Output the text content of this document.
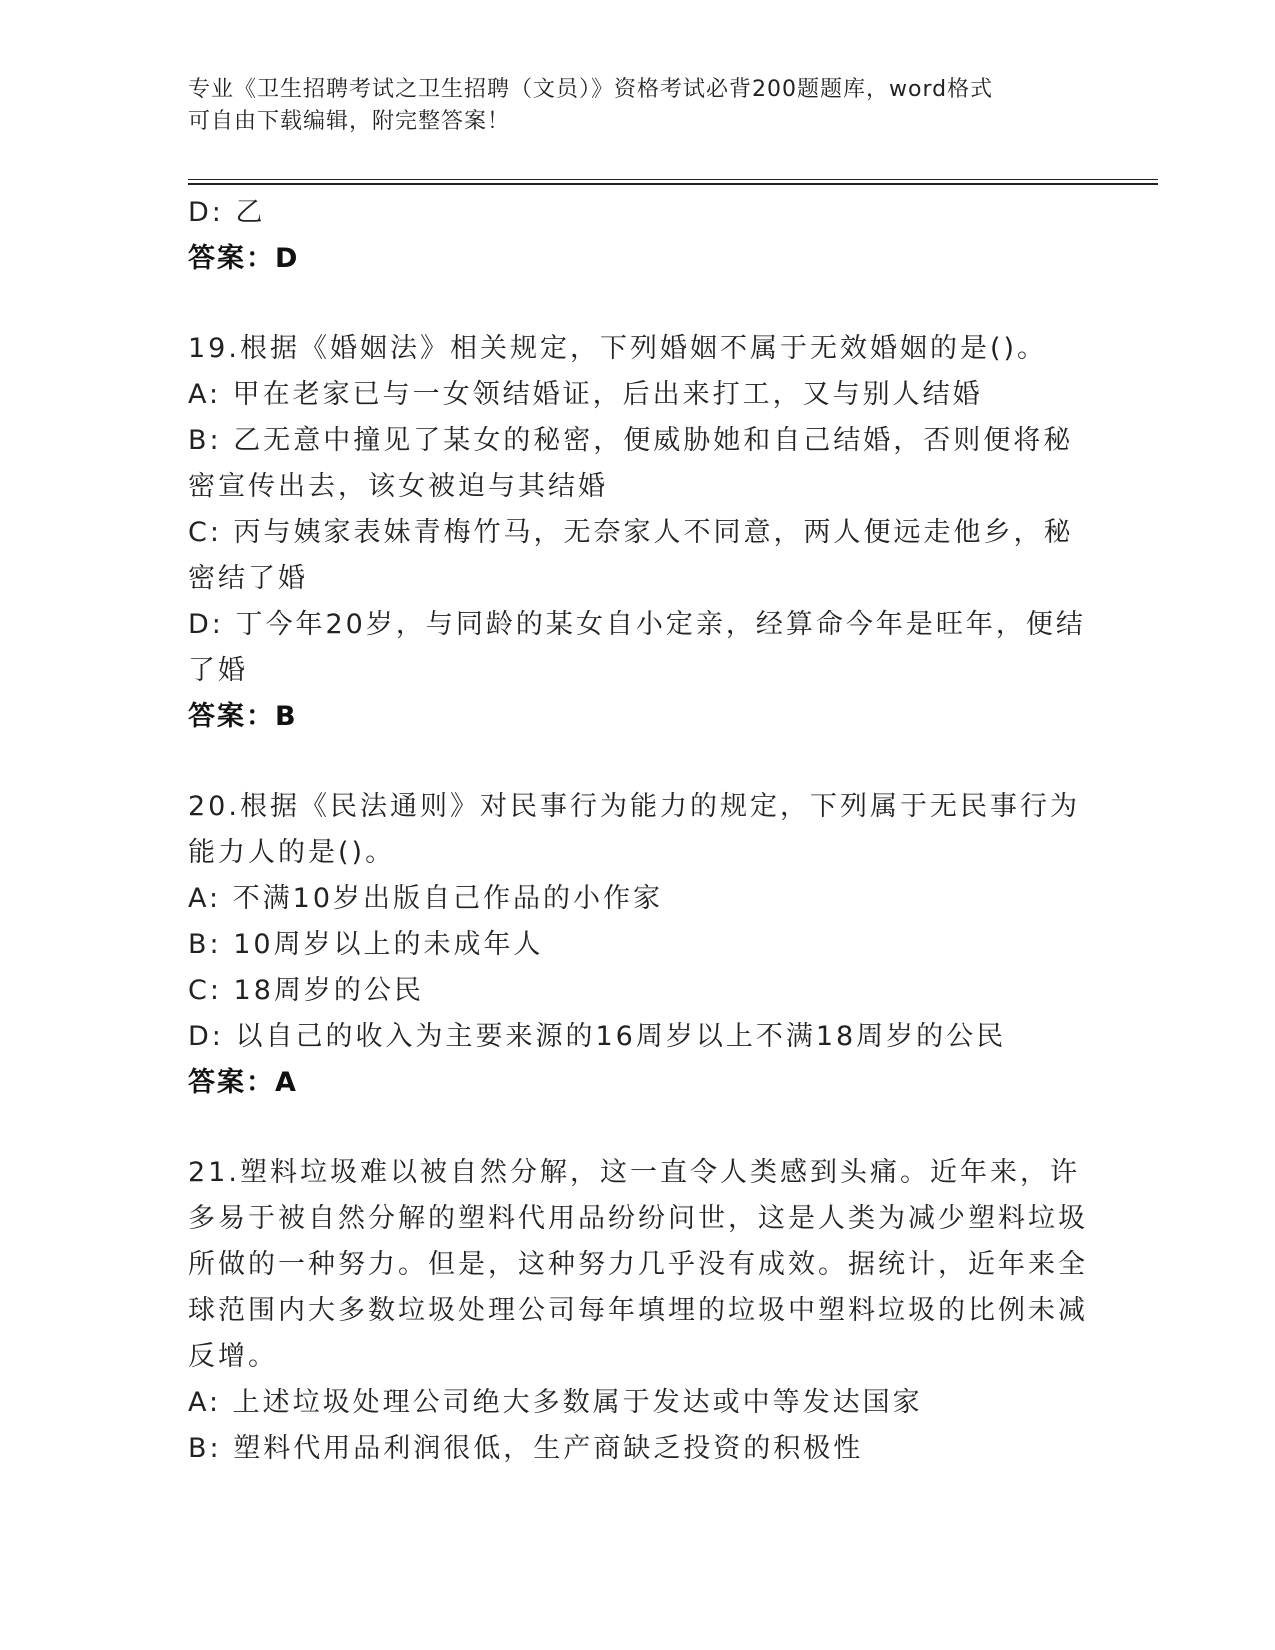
专业《卫生招聘考试之卫生招聘（文员）》资格考试必背200题题库，word格式
可自由下载编辑，附完整答案！
D: 乙
答案：D
19.根据《婚姻法》相关规定，下列婚姻不属于无效婚姻的是()。
A: 甲在老家已与一女领结婚证，后出来打工，又与别人结婚
B: 乙无意中撞见了某女的秘密，便威胁她和自己结婚，否则便将秘密宣传出去，该女被迫与其结婚
C: 丙与姨家表妹青梅竹马，无奈家人不同意，两人便远走他乡，秘密结了婚
D: 丁今年20岁，与同龄的某女自小定亲，经算命今年是旺年，便结了婚
答案：B
20.根据《民法通则》对民事行为能力的规定，下列属于无民事行为能力人的是()。
A: 不满10岁出版自己作品的小作家
B: 10周岁以上的未成年人
C: 18周岁的公民
D: 以自己的收入为主要来源的16周岁以上不满18周岁的公民
答案：A
21.塑料垃圾难以被自然分解，这一直令人类感到头痛。近年来，许多易于被自然分解的塑料代用品纷纷问世，这是人类为减少塑料垃圾所做的一种努力。但是，这种努力几乎没有成效。据统计，近年来全球范围内大多数垃圾处理公司每年填埋的垃圾中塑料垃圾的比例未减反增。
A: 上述垃圾处理公司绝大多数属于发达或中等发达国家
B: 塑料代用品利润很低，生产商缺乏投资的积极性
